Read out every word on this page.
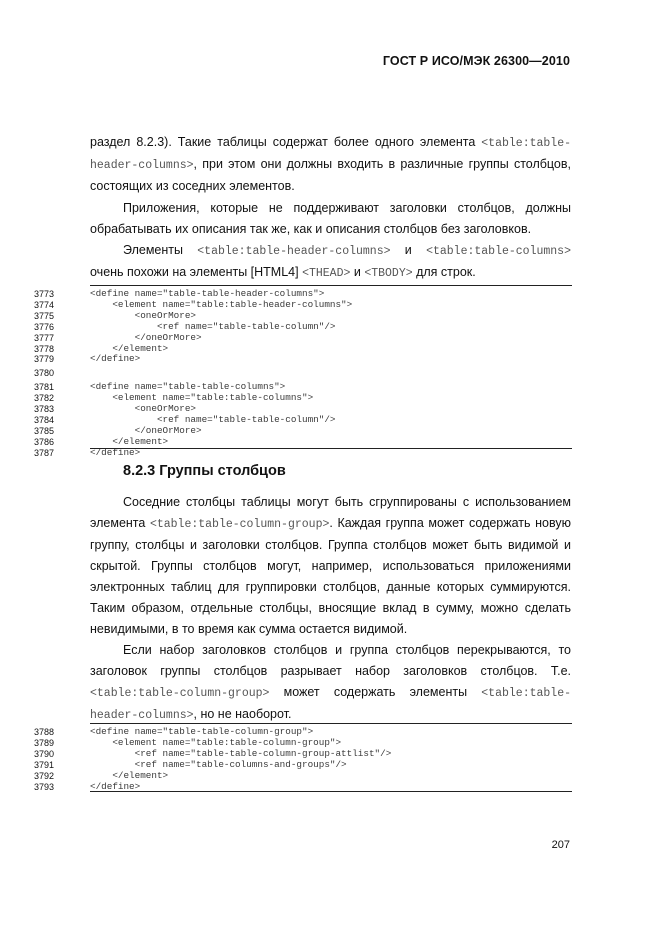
ГОСТ Р ИСО/МЭК 26300—2010
раздел 8.2.3). Такие таблицы содержат более одного элемента <table:table-header-columns>, при этом они должны входить в различные группы столбцов, состоящих из соседних элементов.
Приложения, которые не поддерживают заголовки столбцов, должны обрабатывать их описания так же, как и описания столбцов без заголовков.
Элементы <table:table-header-columns> и <table:table-columns> очень похожи на элементы [HTML4] <THEAD> и <TBODY> для строк.
3773	<define name="table-table-header-columns">
3774	<element name="table:table-header-columns">
3775	<oneOrMore>
3776	<ref name="table-table-column"/>
3777	</oneOrMore>
3778	</element>
3779	</define>
3780
3781	<define name="table-table-columns">
3782	<element name="table:table-columns">
3783	<oneOrMore>
3784	<ref name="table-table-column"/>
3785	</oneOrMore>
3786	</element>
3787	</define>
8.2.3 Группы столбцов
Соседние столбцы таблицы могут быть сгруппированы с использованием элемента <table:table-column-group>. Каждая группа может содержать новую группу, столбцы и заголовки столбцов. Группа столбцов может быть видимой и скрытой. Группы столбцов могут, например, использоваться приложениями электронных таблиц для группировки столбцов, данные которых суммируются. Таким образом, отдельные столбцы, вносящие вклад в сумму, можно сделать невидимыми, в то время как сумма остается видимой.
Если набор заголовков столбцов и группа столбцов перекрываются, то заголовок группы столбцов разрывает набор заголовков столбцов. Т.е. <table:table-column-group> может содержать элементы <table:table-header-columns>, но не наоборот.
3788	<define name="table-table-column-group">
3789	<element name="table:table-column-group">
3790	<ref name="table-table-column-group-attlist"/>
3791	<ref name="table-columns-and-groups"/>
3792	</element>
3793	</define>
207
